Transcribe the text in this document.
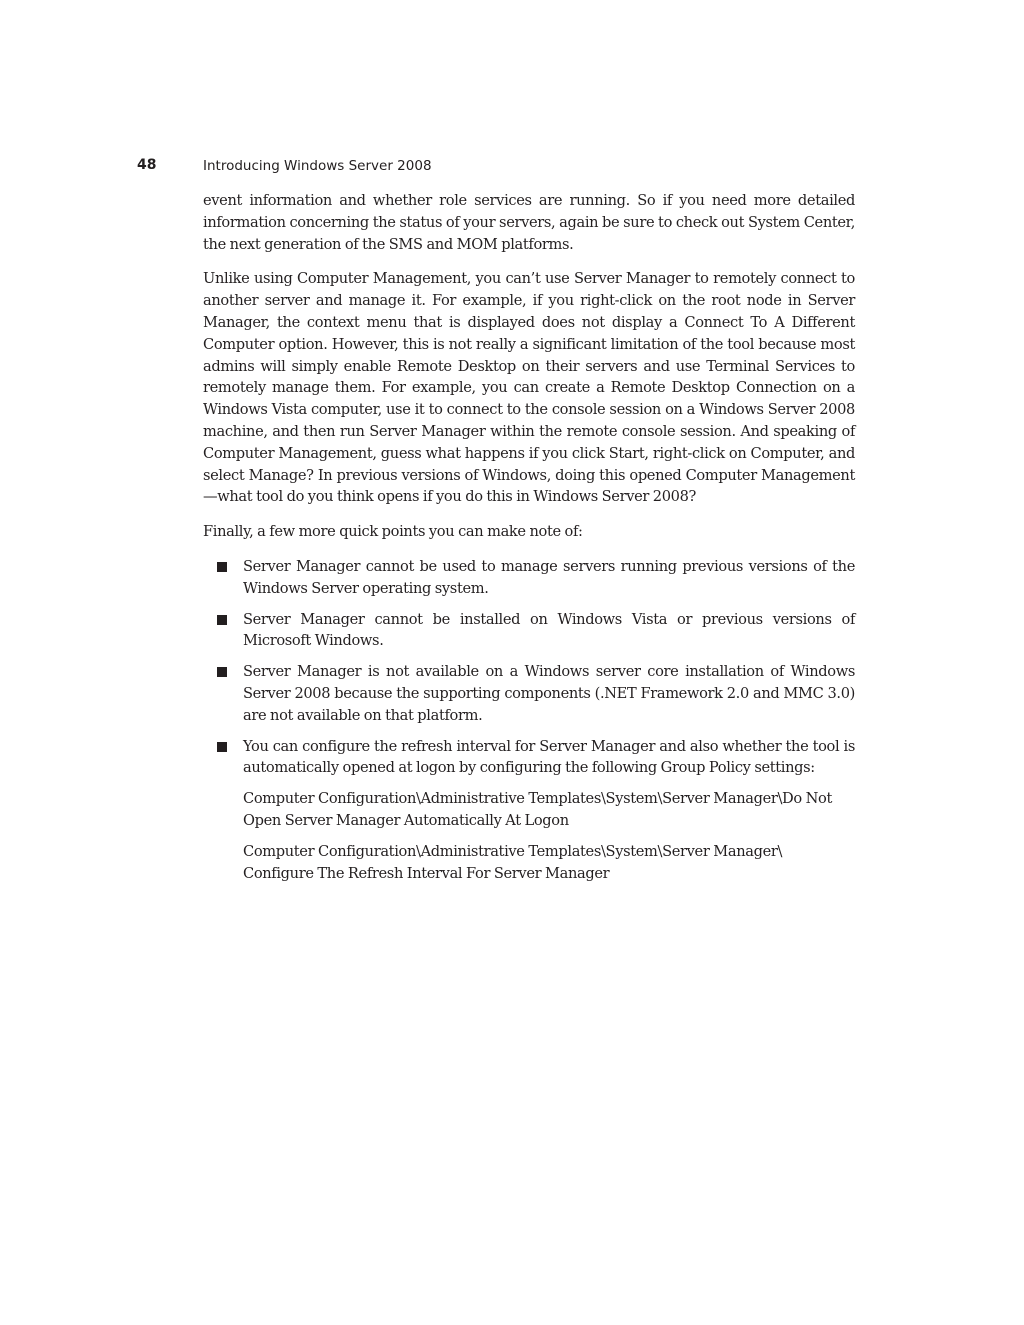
48	Introducing Windows Server 2008

event information and whether role services are running. So if you need more detailed information concerning the status of your servers, again be sure to check out System Center, the next generation of the SMS and MOM platforms.

Unlike using Computer Management, you can’t use Server Manager to remotely connect to another server and manage it. For example, if you right-click on the root node in Server Manager, the context menu that is displayed does not display a Connect To A Different Computer option. However, this is not really a significant limitation of the tool because most admins will simply enable Remote Desktop on their servers and use Terminal Services to remotely manage them. For example, you can create a Remote Desktop Connection on a Windows Vista computer, use it to connect to the console session on a Windows Server 2008 machine, and then run Server Manager within the remote console session. And speaking of Computer Management, guess what happens if you click Start, right-click on Computer, and select Manage? In previous versions of Windows, doing this opened Computer Management—what tool do you think opens if you do this in Windows Server 2008?

Finally, a few more quick points you can make note of:

Server Manager cannot be used to manage servers running previous versions of the Windows Server operating system.
Server Manager cannot be installed on Windows Vista or previous versions of Microsoft Windows.
Server Manager is not available on a Windows server core installation of Windows Server 2008 because the supporting components (.NET Framework 2.0 and MMC 3.0) are not available on that platform.
You can configure the refresh interval for Server Manager and also whether the tool is automatically opened at logon by configuring the following Group Policy settings:
Computer Configuration\Administrative Templates\System\Server Manager\Do Not Open Server Manager Automatically At Logon
Computer Configuration\Administrative Templates\System\Server Manager\ Configure The Refresh Interval For Server Manager
